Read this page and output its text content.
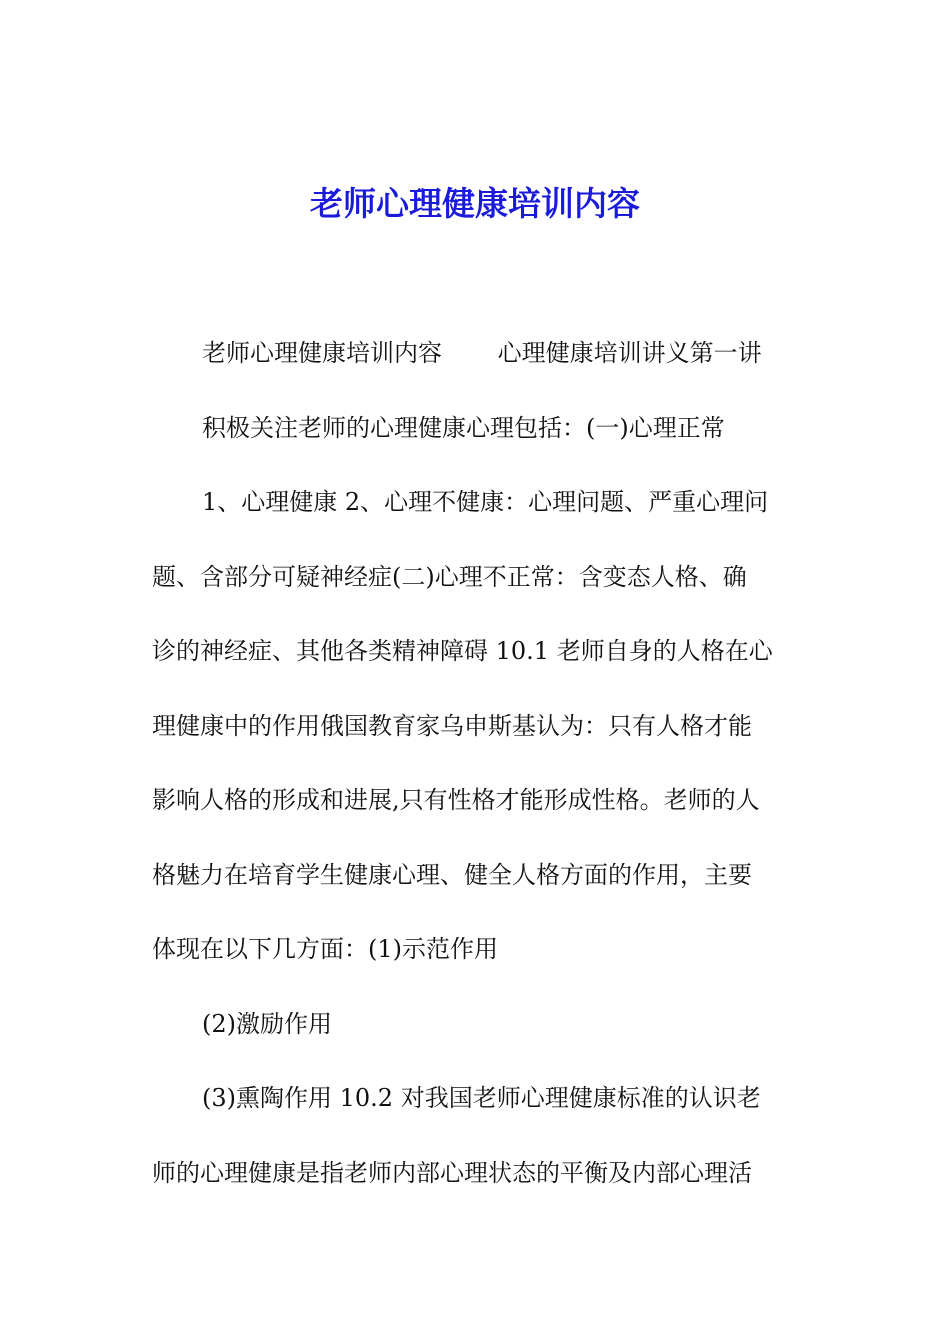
老师心理健康培训内容
老师心理健康培训内容　　 心理健康培训讲义第一讲
积极关注老师的心理健康心理包括：(一)心理正常
1、心理健康 2、心理不健康：心理问题、严重心理问
题、含部分可疑神经症(二)心理不正常：含变态人格、确
诊的神经症、其他各类精神障碍 10.1 老师自身的人格在心
理健康中的作用俄国教育家乌申斯基认为：只有人格才能
影响人格的形成和进展,只有性格才能形成性格。老师的人
格魅力在培育学生健康心理、健全人格方面的作用，主要
体现在以下几方面：(1)示范作用
(2)激励作用
(3)熏陶作用 10.2 对我国老师心理健康标准的认识老
师的心理健康是指老师内部心理状态的平衡及内部心理活
